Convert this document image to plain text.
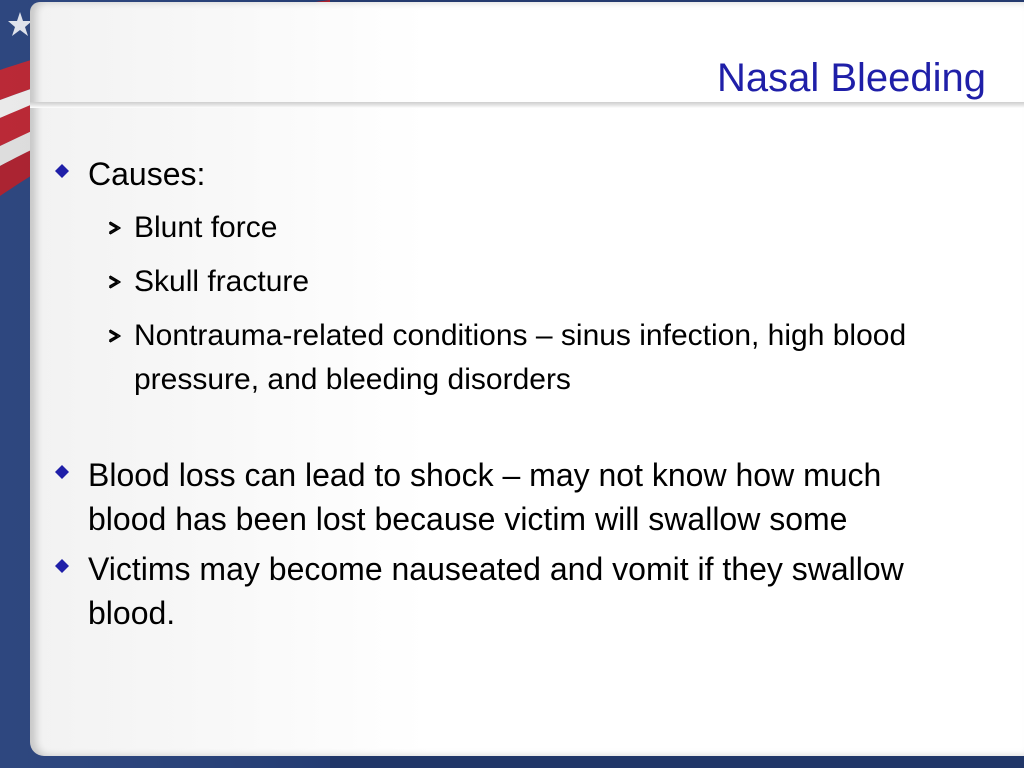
Nasal Bleeding

Causes:

Blunt force

Skull fracture

Nontrauma-related conditions – sinus infection, high blood pressure, and bleeding disorders

Blood loss can lead to shock – may not know how much blood has been lost because victim will swallow some

Victims may become nauseated and vomit if they swallow blood.
